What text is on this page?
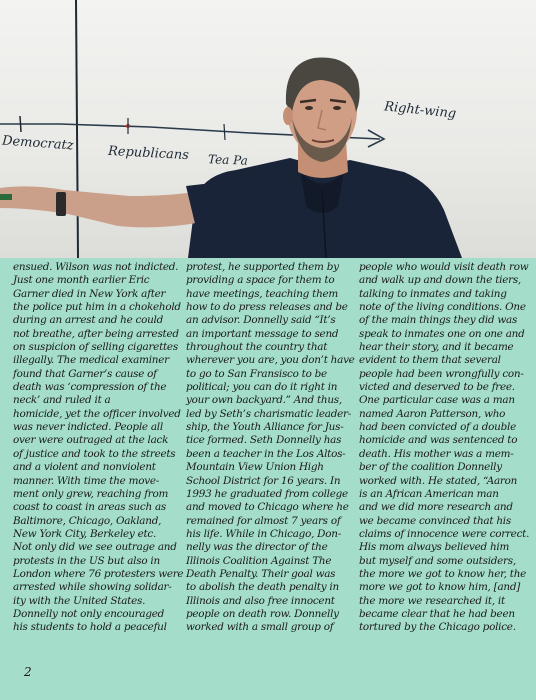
Democratz
Republicans Tea Pa
Right-wing
ensued. Wilson was not indicted.
Just one month earlier Eric
Garner died in New York after
the police put him in a chokehold
during an arrest and he could
not breathe, after being arrested
on suspicion of selling cigarettes
illegally. The medical examiner
found that Garner’s cause of
death was ‘compression of the
neck’ and ruled it a
homicide, yet the officer involved
was never indicted. People all
over were outraged at the lack
of justice and took to the streets
and a violent and nonviolent
manner. With time the move-
ment only grew, reaching from
coast to coast in areas such as
Baltimore, Chicago, Oakland,
New York City, Berkeley etc.
Not only did we see outrage and
protests in the US but also in
London where 76 protesters were
arrested while showing solidar-
ity with the United States.
Donnelly not only encouraged
his students to hold a peaceful
protest, he supported them by
providing a space for them to
have meetings, teaching them
how to do press releases and be
an advisor. Donnelly said “It’s
an important message to send
throughout the country that
wherever you are, you don’t have
to go to San Fransisco to be
political; you can do it right in
your own backyard.” And thus,
led by Seth’s charismatic leader-
ship, the Youth Alliance for Jus-
tice formed. Seth Donnelly has
been a teacher in the Los Altos-
Mountain View Union High
School District for 16 years. In
1993 he graduated from college
and moved to Chicago where he
remained for almost 7 years of
his life. While in Chicago, Don-
nelly was the director of the
Illinois Coalition Against The
Death Penalty. Their goal was
to abolish the death penalty in
Illinois and also free innocent
people on death row. Donnelly
worked with a small group of
people who would visit death row
and walk up and down the tiers,
talking to inmates and taking
note of the living conditions. One
of the main things they did was
speak to inmates one on one and
hear their story, and it became
evident to them that several
people had been wrongfully con-
victed and deserved to be free.
One particular case was a man
named Aaron Patterson, who
had been convicted of a double
homicide and was sentenced to
death. His mother was a mem-
ber of the coalition Donnelly
worked with. He stated, “Aaron
is an African American man
and we did more research and
we became convinced that his
claims of innocence were correct.
His mom always believed him
but myself and some outsiders,
the more we got to know her, the
more we got to know him, [and]
the more we researched it, it
became clear that he had been
tortured by the Chicago police.
2
